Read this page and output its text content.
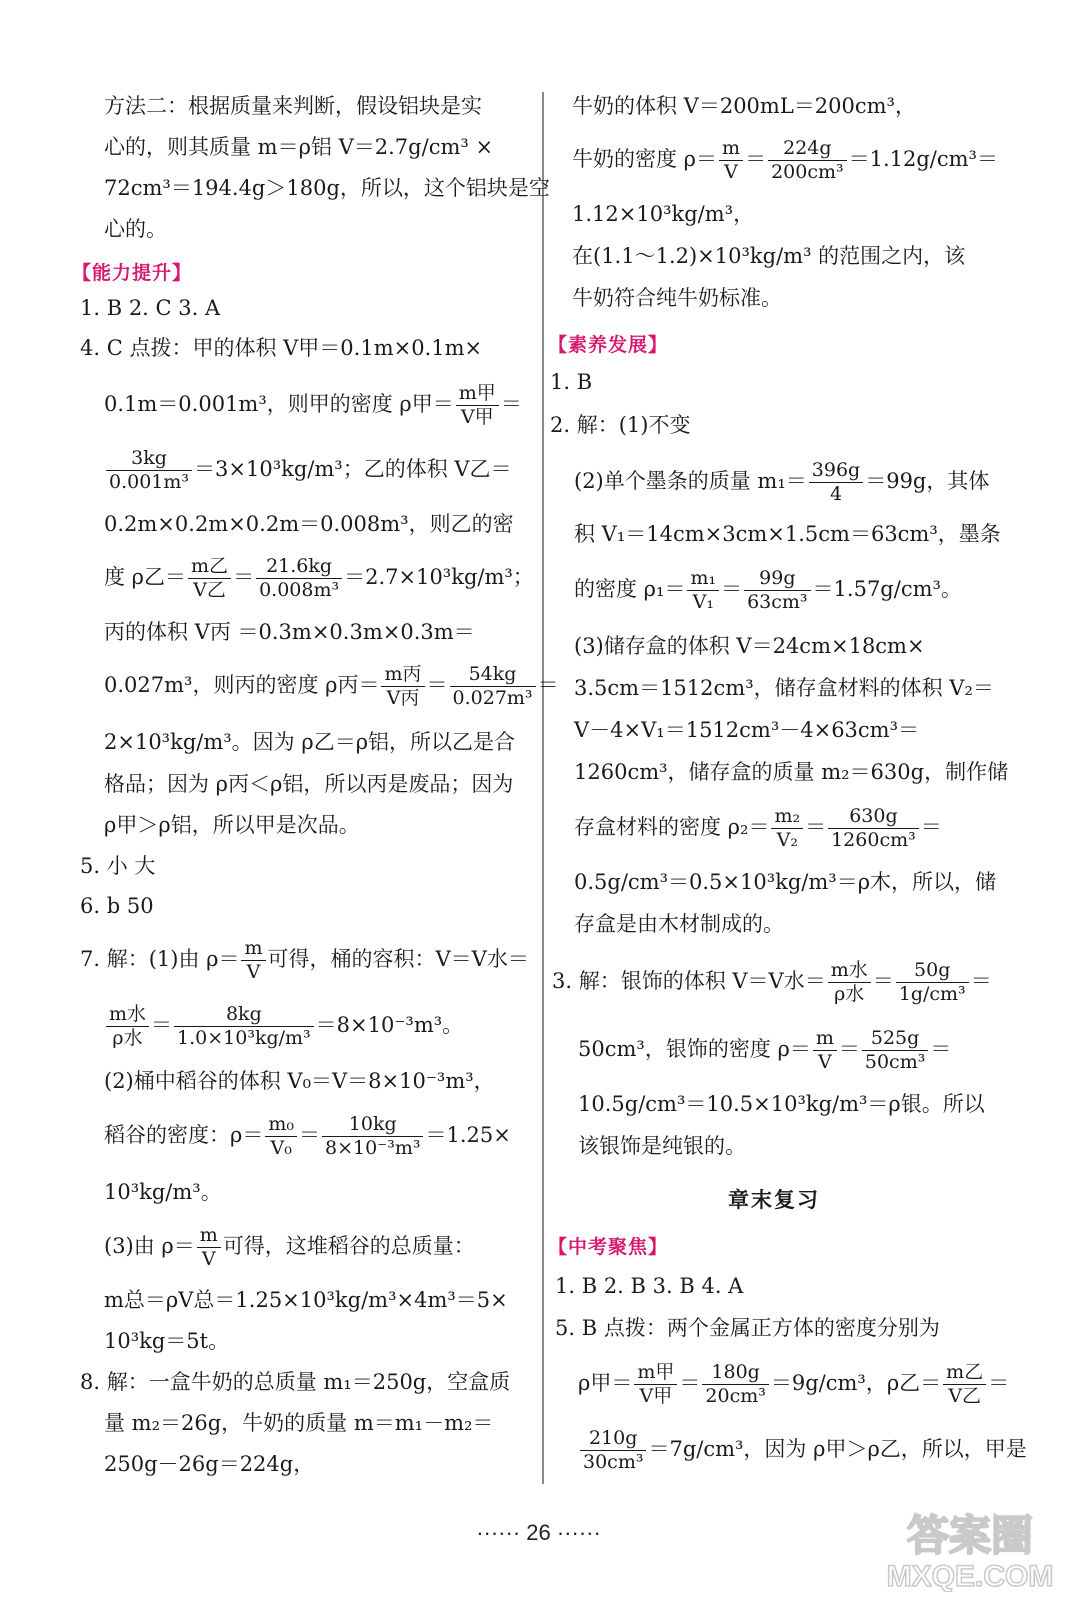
方法二：根据质量来判断，假设铝块是实
心的，则其质量 m＝ρ铝 V＝2.7g/cm³ ×
72cm³＝194.4g＞180g，所以，这个铝块是空
心的。
【能力提升】
1. B 2. C 3. A
4. C 点拨：甲的体积 V甲＝0.1m×0.1m×
0.1m＝0.001m³，则甲的密度 ρ甲＝ $\frac{\text{m甲}}{\text{V甲}}$ ＝
$\frac{3kg}{\text{0.001m³}} =3\times 10^3kg/m^3$；乙的体积 V乙＝
0.2m×0.2m×0.2m＝0.008m³，则乙的密
度 ρ乙＝ $\frac{\text{m乙}}{\text{V乙}} = \frac{21.6kg}{\text{0.008m³}} =2.7\times 10^3kg/m^3$；
丙的体积 V丙 ＝0.3m×0.3m×0.3m＝
0.027m³，则丙的密度 ρ丙＝ $\frac{\text{m丙}}{\text{V丙}} = \frac{54kg}{\text{0.027m³}}$ ＝
2×10³kg/m³。因为 ρ乙＝ρ铝，所以乙是合
格品；因为 ρ丙＜ρ铝，所以丙是废品；因为
ρ甲＞ρ铝，所以甲是次品。
5. 小 大
6. b 50
7. 解：(1)由 $\rho= \frac{m}{V}$ 可得，桶的容积：V＝V水＝
$\frac{\text{m水}}{\text{ρ水}} = \frac{8kg}{\text{1.0×10³kg/m³}} =8\times 10^{-3}m^3$。
(2)桶中稻谷的体积 V₀＝V＝8×10⁻³m³，
稻谷的密度：$\rho= \frac{\text{m₀}}{\text{V₀}} = \frac{10kg}{\text{8×10⁻³m³}} =1.25\times$
10³kg/m³。
(3)由 $\rho= \frac{m}{V}$ 可得，这堆稻谷的总质量：
m总＝ρV总＝1.25×10³kg/m³×4m³＝5×
10³kg＝5t。
8. 解：一盒牛奶的总质量 m₁＝250g，空盒质
量 m₂＝26g，牛奶的质量 m＝m₁－m₂＝
250g－26g＝224g，
牛奶的体积 V＝200mL＝200cm³，
牛奶的密度 $\rho= \frac{m}{V} = \frac{224g}{\text{200cm³}} =1.12g/cm^3=$
1.12×10³kg/m³，
在(1.1～1.2)×10³kg/m³ 的范围之内，该
牛奶符合纯牛奶标准。
【素养发展】
1. B
2. 解：(1)不变
(2)单个墨条的质量 $m_1= \frac{396g}{4} =99g$，其体
积 V₁＝14cm×3cm×1.5cm＝63cm³，墨条
的密度 $\rho_1= \frac{\text{m₁}}{\text{V₁}} = \frac{99g}{\text{63cm³}} =1.57g/cm^3$。
(3)储存盒的体积 V＝24cm×18cm×
3.5cm＝1512cm³，储存盒材料的体积 V₂＝
V－4×V₁＝1512cm³－4×63cm³＝
1260cm³，储存盒的质量 m₂＝630g，制作储
存盒材料的密度 $\rho_2= \frac{\text{m₂}}{\text{V₂}} = \frac{630g}{\text{1260cm³}}$ ＝
0.5g/cm³＝0.5×10³kg/m³＝ρ木，所以，储
存盒是由木材制成的。
3. 解：银饰的体积 V＝V水＝ $\frac{\text{m水}}{\text{ρ水}} = \frac{50g}{\text{1g/cm³}}$ ＝
50cm³，银饰的密度 $\rho= \frac{m}{V} = \frac{525g}{\text{50cm³}}$ ＝
10.5g/cm³＝10.5×10³kg/m³＝ρ银。所以
该银饰是纯银的。
章末复习
【中考聚焦】
1. B 2. B 3. B 4. A
5. B 点拨：两个金属正方体的密度分别为
ρ甲＝ $\frac{\text{m甲}}{\text{V甲}} = \frac{180g}{\text{20cm³}} =9g/cm^3$，ρ乙＝ $\frac{\text{m乙}}{\text{V乙}}$ ＝
$\frac{210g}{\text{30cm³}} =7g/cm^3$，因为 ρ甲＞ρ乙，所以，甲是
······ 26 ······	答案圈
MXQE.COM
